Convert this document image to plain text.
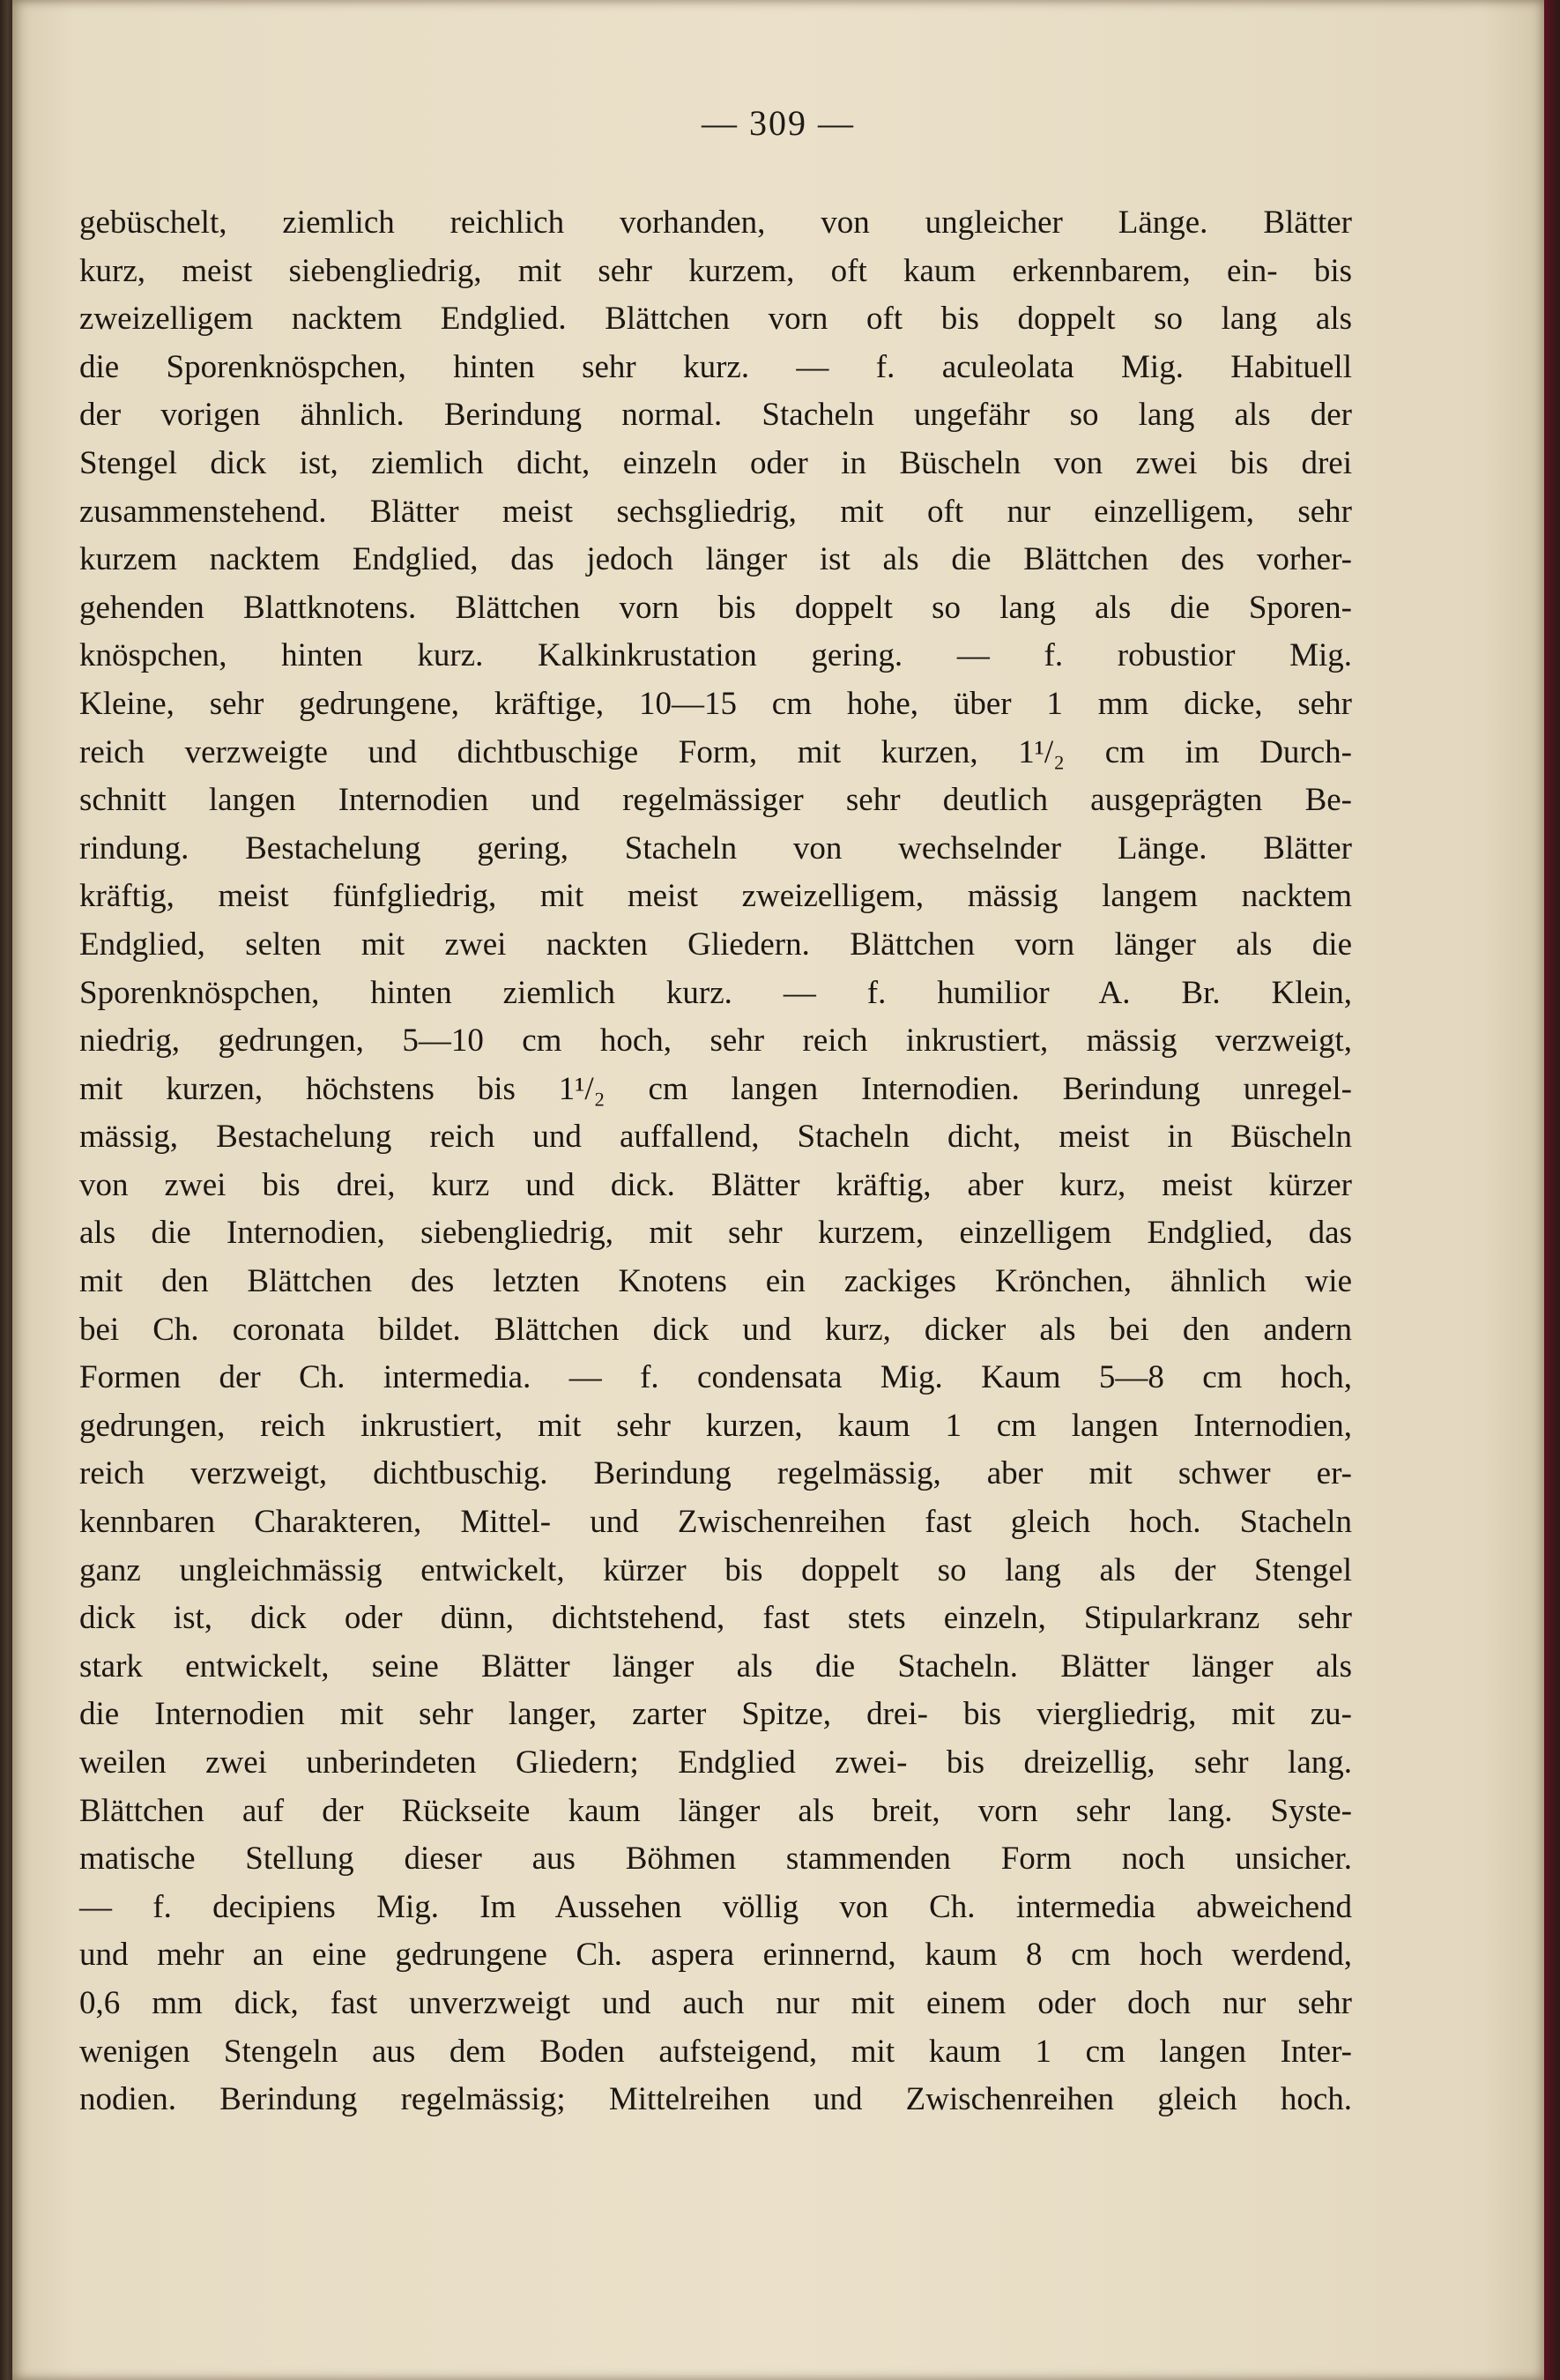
— 309 —

gebüschelt, ziemlich reichlich vorhanden, von ungleicher Länge. Blätter
kurz, meist siebengliedrig, mit sehr kurzem, oft kaum erkennbarem, ein- bis
zweizelligem nacktem Endglied. Blättchen vorn oft bis doppelt so lang als
die Sporenknöspchen, hinten sehr kurz. — f. aculeolata Mig. Habituell
der vorigen ähnlich. Berindung normal. Stacheln ungefähr so lang als der
Stengel dick ist, ziemlich dicht, einzeln oder in Büscheln von zwei bis drei
zusammenstehend. Blätter meist sechsgliedrig, mit oft nur einzelligem, sehr
kurzem nacktem Endglied, das jedoch länger ist als die Blättchen des vorher-
gehenden Blattknotens. Blättchen vorn bis doppelt so lang als die Sporen-
knöspchen, hinten kurz. Kalkinkrustation gering. — f. robustior Mig.
Kleine, sehr gedrungene, kräftige, 10—15 cm hohe, über 1 mm dicke, sehr
reich verzweigte und dichtbuschige Form, mit kurzen, 1¹/₂ cm im Durch-
schnitt langen Internodien und regelmässiger sehr deutlich ausgeprägten Be-
rindung. Bestachelung gering, Stacheln von wechselnder Länge. Blätter
kräftig, meist fünfgliedrig, mit meist zweizelligem, mässig langem nacktem
Endglied, selten mit zwei nackten Gliedern. Blättchen vorn länger als die
Sporenknöspchen, hinten ziemlich kurz. — f. humilior A. Br. Klein,
niedrig, gedrungen, 5—10 cm hoch, sehr reich inkrustiert, mässig verzweigt,
mit kurzen, höchstens bis 1¹/₂ cm langen Internodien. Berindung unregel-
mässig, Bestachelung reich und auffallend, Stacheln dicht, meist in Büscheln
von zwei bis drei, kurz und dick. Blätter kräftig, aber kurz, meist kürzer
als die Internodien, siebengliedrig, mit sehr kurzem, einzelligem Endglied, das
mit den Blättchen des letzten Knotens ein zackiges Krönchen, ähnlich wie
bei Ch. coronata bildet. Blättchen dick und kurz, dicker als bei den andern
Formen der Ch. intermedia. — f. condensata Mig. Kaum 5—8 cm hoch,
gedrungen, reich inkrustiert, mit sehr kurzen, kaum 1 cm langen Internodien,
reich verzweigt, dichtbuschig. Berindung regelmässig, aber mit schwer er-
kennbaren Charakteren, Mittel- und Zwischenreihen fast gleich hoch. Stacheln
ganz ungleichmässig entwickelt, kürzer bis doppelt so lang als der Stengel
dick ist, dick oder dünn, dichtstehend, fast stets einzeln, Stipularkranz sehr
stark entwickelt, seine Blätter länger als die Stacheln. Blätter länger als
die Internodien mit sehr langer, zarter Spitze, drei- bis viergliedrig, mit zu-
weilen zwei unberindeten Gliedern; Endglied zwei- bis dreizellig, sehr lang.
Blättchen auf der Rückseite kaum länger als breit, vorn sehr lang. Syste-
matische Stellung dieser aus Böhmen stammenden Form noch unsicher.
— f. decipiens Mig. Im Aussehen völlig von Ch. intermedia abweichend
und mehr an eine gedrungene Ch. aspera erinnernd, kaum 8 cm hoch werdend,
0,6 mm dick, fast unverzweigt und auch nur mit einem oder doch nur sehr
wenigen Stengeln aus dem Boden aufsteigend, mit kaum 1 cm langen Inter-
nodien. Berindung regelmässig; Mittelreihen und Zwischenreihen gleich hoch.
